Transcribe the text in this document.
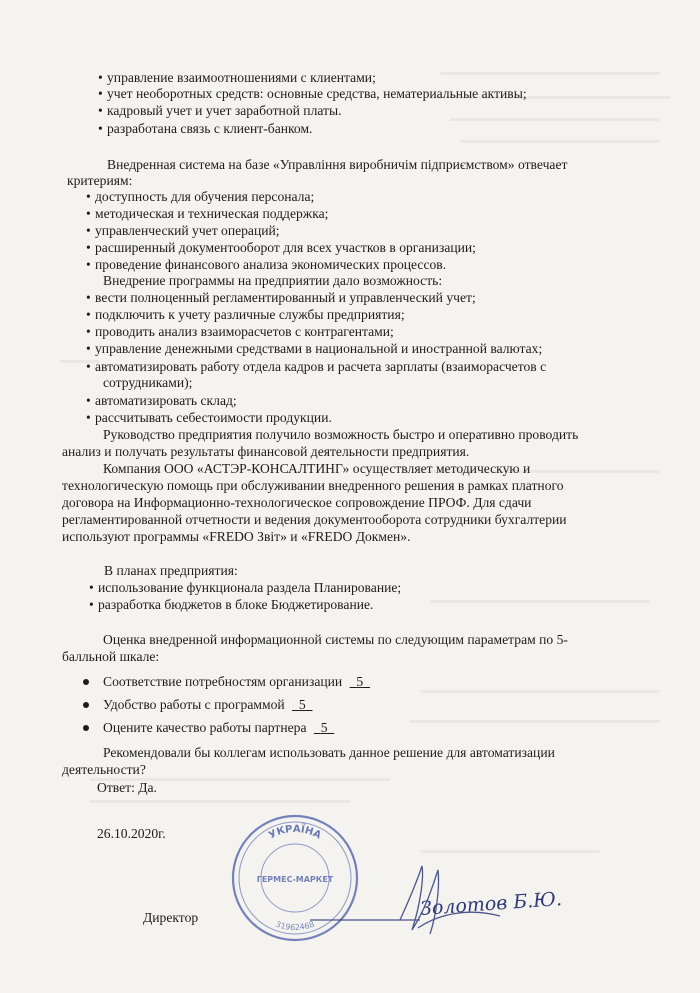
• управление взаимоотношениями с клиентами;
• учет необоротных средств: основные средства, нематериальные активы;
• кадровый учет и учет заработной платы.
• разработана связь с клиент-банком.
Внедренная система на базе «Управління виробничім підприємством» отвечает
критериям:
• доступность для обучения персонала;
• методическая и техническая поддержка;
• управленческий учет операций;
• расширенный документооборот для всех участков в организации;
• проведение финансового анализа экономических процессов.
Внедрение программы на предприятии дало возможность:
• вести полноценный регламентированный и управленческий учет;
• подключить к учету различные службы предприятия;
• проводить анализ взаиморасчетов с контрагентами;
• управление денежными средствами в национальной и иностранной валютах;
• автоматизировать работу отдела кадров и расчета зарплаты (взаиморасчетов с
сотрудниками);
• автоматизировать склад;
• рассчитывать себестоимости продукции.
Руководство предприятия получило возможность быстро и оперативно проводить
анализ и получать результаты финансовой деятельности предприятия.
Компания ООО «АСТЭР-КОНСАЛТИНГ» осуществляет методическую и
технологическую помощь при обслуживании внедренного решения в рамках платного
договора на Информационно-технологическое сопровождение ПРОФ. Для сдачи
регламентированной отчетности и ведения документооборота сотрудники бухгалтерии
используют программы «FREDO Звіт» и «FREDO Докмен».
В планах предприятия:
• использование функционала раздела Планирование;
• разработка бюджетов в блоке Бюджетирование.
Оценка внедренной информационной системы по следующим параметрам по 5-
балльной шкале:
Соответствие потребностям организации 5
Удобство работы с программой 5
Оцените качество работы партнера 5
Рекомендовали бы коллегам использовать данное решение для автоматизации
деятельности?
Ответ: Да.
26.10.2020г.	УКРАЇНА
31962468
ГЕРМЕС-МАРКЕТ
Директор	Золотов Б.Ю.
